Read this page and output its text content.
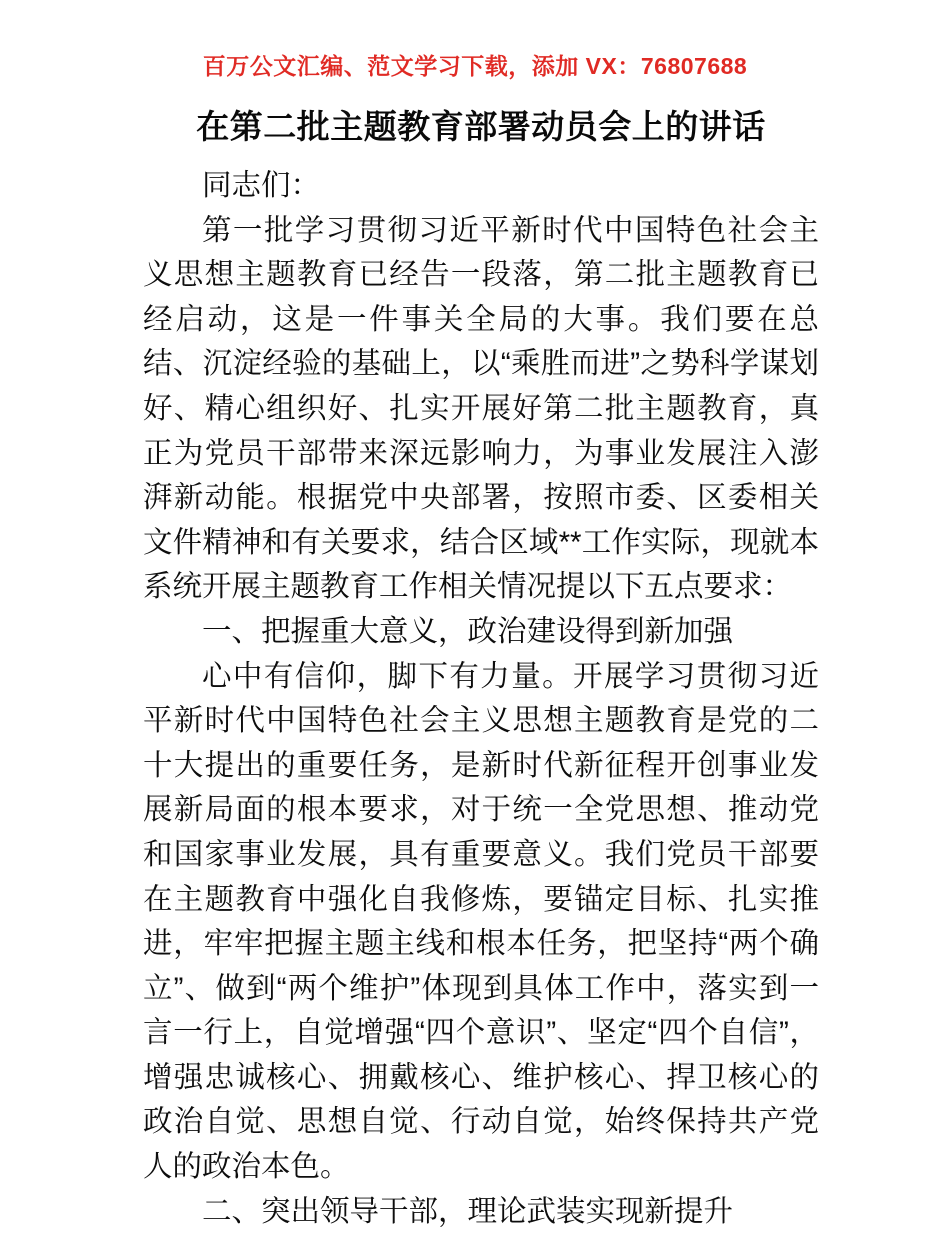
百万公文汇编、范文学习下载，添加 VX：76807688
在第二批主题教育部署动员会上的讲话

同志们：

第一批学习贯彻习近平新时代中国特色社会主义思想主题教育已经告一段落，第二批主题教育已经启动，这是一件事关全局的大事。我们要在总结、沉淀经验的基础上，以“乘胜而进”之势科学谋划好、精心组织好、扎实开展好第二批主题教育，真正为党员干部带来深远影响力，为事业发展注入澎湃新动能。根据党中央部署，按照市委、区委相关文件精神和有关要求，结合区域**工作实际，现就本系统开展主题教育工作相关情况提以下五点要求：

一、把握重大意义，政治建设得到新加强

心中有信仰，脚下有力量。开展学习贯彻习近平新时代中国特色社会主义思想主题教育是党的二十大提出的重要任务，是新时代新征程开创事业发展新局面的根本要求，对于统一全党思想、推动党和国家事业发展，具有重要意义。我们党员干部要在主题教育中强化自我修炼，要锚定目标、扎实推进，牢牢把握主题主线和根本任务，把坚持“两个确立”、做到“两个维护”体现到具体工作中，落实到一言一行上，自觉增强“四个意识”、坚定“四个自信”，增强忠诚核心、拥戴核心、维护核心、捍卫核心的政治自觉、思想自觉、行动自觉，始终保持共产党人的政治本色。

二、突出领导干部，理论武装实现新提升
